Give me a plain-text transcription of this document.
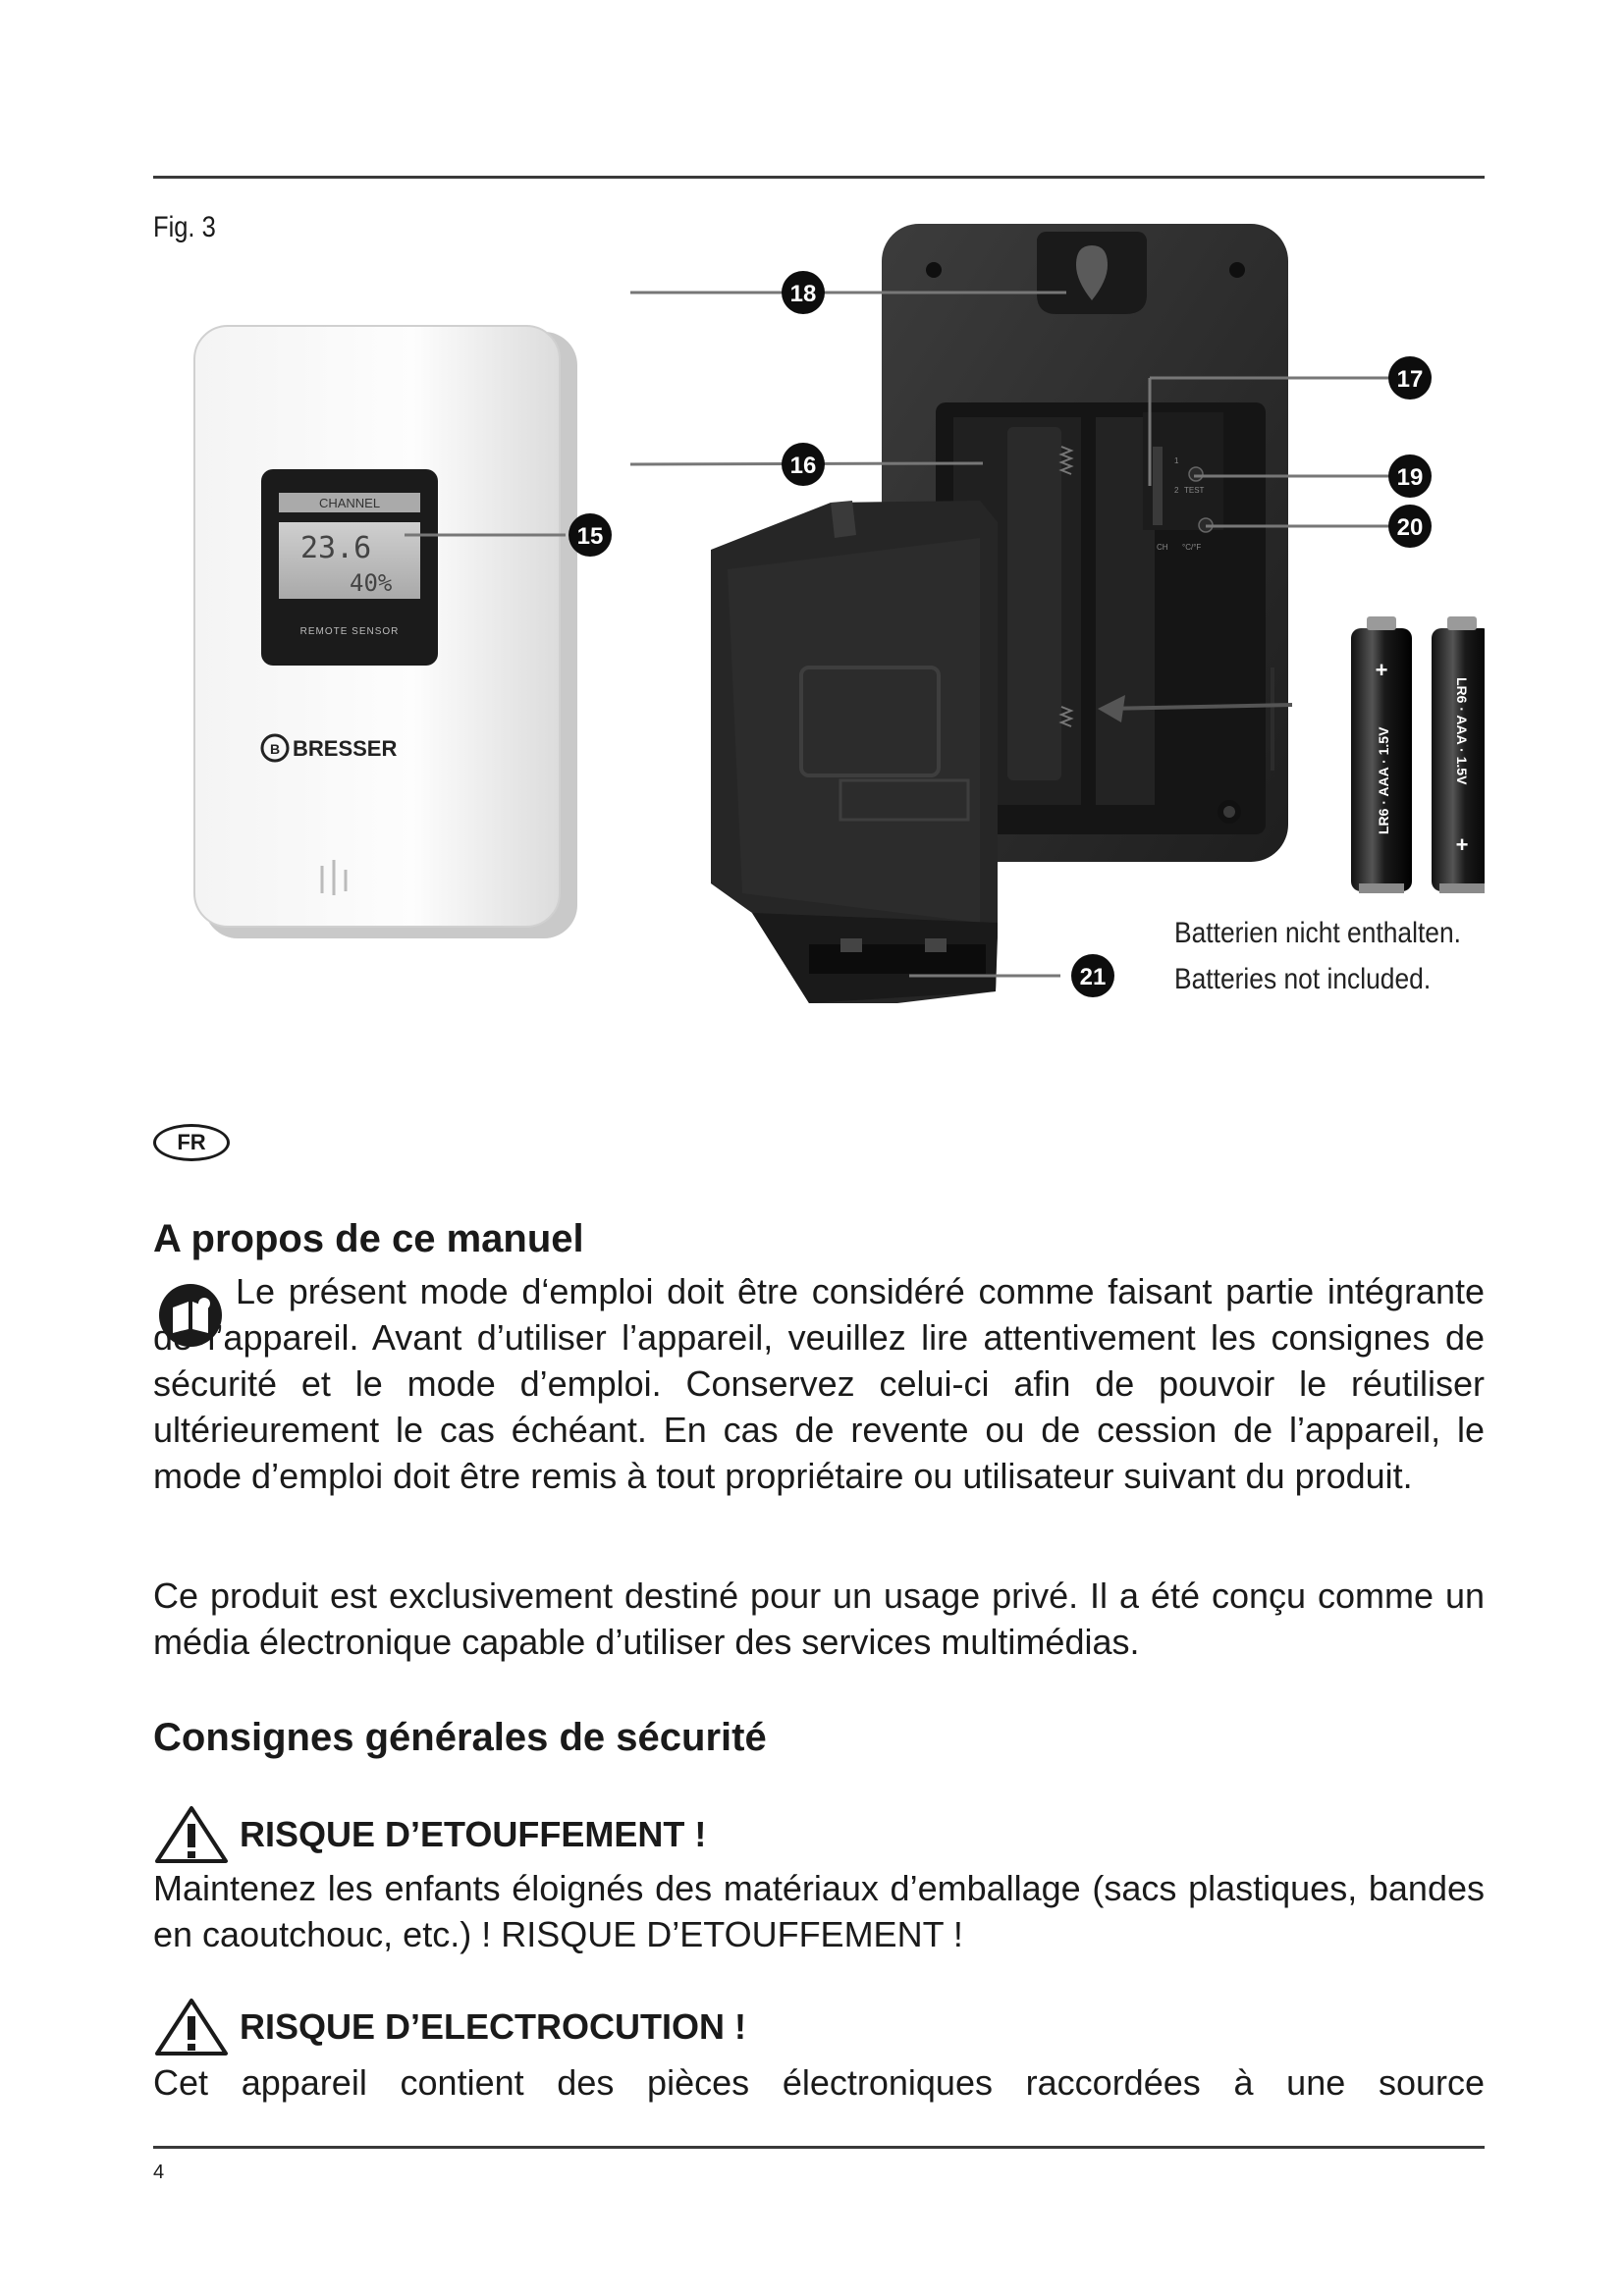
Fig. 3
CHANNEL
23.6
40%
REMOTE SENSOR
B BRESSER
1
2 TEST
CH °C/°F
+
LR6 · AAA · 1.5V
+
LR6 · AAA · 1.5V
15
16
17
18
19
20
21
Batterien nicht enthalten.
Batteries not included.
FR
A propos de ce manuel

Le présent mode d‘emploi doit être considéré comme faisant partie intégrante de l’appareil. Avant d’utiliser l’appareil, veuillez lire attentivement les consignes de sécurité et le mode d’emploi. Conservez celui-ci afin de pouvoir le réutiliser ultérieurement le cas échéant. En cas de revente ou de cession de l’appareil, le mode d’emploi doit être remis à tout propriétaire ou utilisateur suivant du produit.

Ce produit est exclusivement destiné pour un usage privé. Il a été conçu comme un média électronique capable d’utiliser des services multimédias.

Consignes générales de sécurité
RISQUE D’ETOUFFEMENT !

Maintenez les enfants éloignés des matériaux d’emballage (sacs plastiques, bandes en caoutchouc, etc.) ! RISQUE D’ETOUFFEMENT !

RISQUE D’ELECTROCUTION !

Cet appareil contient des pièces électroniques raccordées à une source

4
